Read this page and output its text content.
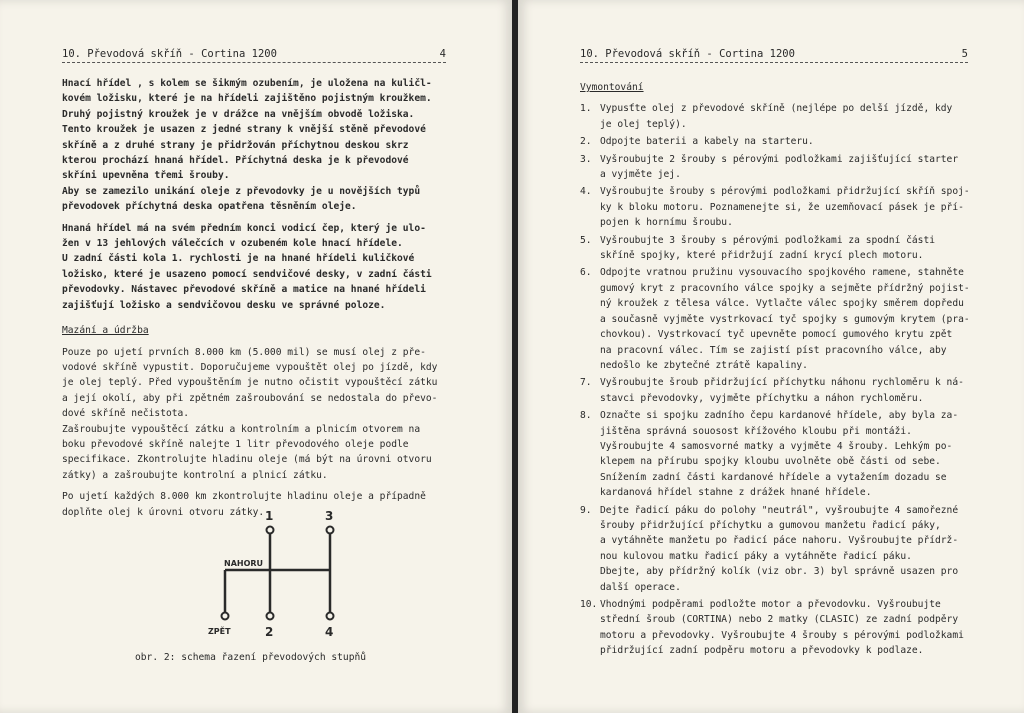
10. Převodová skříň - Cortina 1200	4
Hnací hřídel , s kolem se šikmým ozubením, je uložena na kuličl-
kovém ložisku, které je na hřídeli zajištěno pojistným kroužkem.
Druhý pojistný kroužek je v drážce na vnějším obvodě ložiska.
Tento kroužek je usazen z jedné strany k vnější stěně převodové
skříně a z druhé strany je přidržován příchytnou deskou skrz
kterou prochází hnaná hřídel. Příchytná deska je k převodové
skříni upevněna třemi šrouby.
Aby se zamezilo unikání oleje z převodovky je u novějších typů
převodovek příchytná deska opatřena těsněním oleje.
Hnaná hřídel má na svém předním konci vodicí čep, který je ulo-
žen v 13 jehlových válečcích v ozubeném kole hnací hřídele.
U zadní části kola 1. rychlosti je na hnané hřídeli kuličkové
ložisko, které je usazeno pomocí sendvičové desky, v zadní části
převodovky. Nástavec převodové skříně a matice na hnané hřídeli
zajišťují ložisko a sendvičovou desku ve správné poloze.
Mazání a údržba
Pouze po ujetí prvních 8.000 km (5.000 mil) se musí olej z pře-
vodové skříně vypustit. Doporučujeme vypouštět olej po jízdě, kdy
je olej teplý. Před vypouštěním je nutno očistit vypouštěcí zátku
a její okolí, aby při zpětném zašroubování se nedostala do převo-
dové skříně nečistota.
Zašroubujte vypouštěcí zátku a kontrolním a plnicím otvorem na
boku převodové skříně nalejte 1 litr převodového oleje podle
specifikace. Zkontrolujte hladinu oleje (má být na úrovni otvoru
zátky) a zašroubujte kontrolní a plnicí zátku.
Po ujetí každých 8.000 km zkontrolujte hladinu oleje a případně
doplňte olej k úrovni otvoru zátky. 1	3
NAHORU
ZPĚT	2	4
obr. 2: schema řazení převodových stupňů
10. Převodová skříň - Cortina 1200	5
Vymontování
1. Vypusťte olej z převodové skříně (nejlépe po delší jízdě, kdy
je olej teplý).
2. Odpojte baterii a kabely na starteru.
3. Vyšroubujte 2 šrouby s pérovými podložkami zajišťující starter
a vyjměte jej.
4. Vyšroubujte šrouby s pérovými podložkami přidržující skříň spoj-
ky k bloku motoru. Poznamenejte si, že uzemňovací pásek je pří-
pojen k hornímu šroubu.
5. Vyšroubujte 3 šrouby s pérovými podložkami za spodní části
skříně spojky, které přidržují zadní krycí plech motoru.
6. Odpojte vratnou pružinu vysouvacího spojkového ramene, stahněte
gumový kryt z pracovního válce spojky a sejměte přídržný pojist-
ný kroužek z tělesa válce. Vytlačte válec spojky směrem dopředu
a současně vyjměte vystrkovací tyč spojky s gumovým krytem (pra-
chovkou). Vystrkovací tyč upevněte pomocí gumového krytu zpět
na pracovní válec. Tím se zajistí píst pracovního válce, aby
nedošlo ke zbytečné ztrátě kapaliny.
7. Vyšroubujte šroub přidržující příchytku náhonu rychloměru k ná-
stavci převodovky, vyjměte příchytku a náhon rychloměru.
8. Označte si spojku zadního čepu kardanové hřídele, aby byla za-
jištěna správná souosost křížového kloubu při montáži.
Vyšroubujte 4 samosvorné matky a vyjměte 4 šrouby. Lehkým po-
klepem na přírubu spojky kloubu uvolněte obě části od sebe.
Snížením zadní části kardanové hřídele a vytažením dozadu se
kardanová hřídel stahne z drážek hnané hřídele.
9. Dejte řadicí páku do polohy "neutrál", vyšroubujte 4 samořezné
šrouby přidržující příchytku a gumovou manžetu řadicí páky,
a vytáhněte manžetu po řadicí páce nahoru. Vyšroubujte přídrž-
nou kulovou matku řadicí páky a vytáhněte řadicí páku.
Dbejte, aby přídržný kolík (viz obr. 3) byl správně usazen pro
další operace.
10. Vhodnými podpěrami podložte motor a převodovku. Vyšroubujte
střední šroub (CORTINA) nebo 2 matky (CLASIC) ze zadní podpěry
motoru a převodovky. Vyšroubujte 4 šrouby s pérovými podložkami
přidržující zadní podpěru motoru a převodovky k podlaze.
